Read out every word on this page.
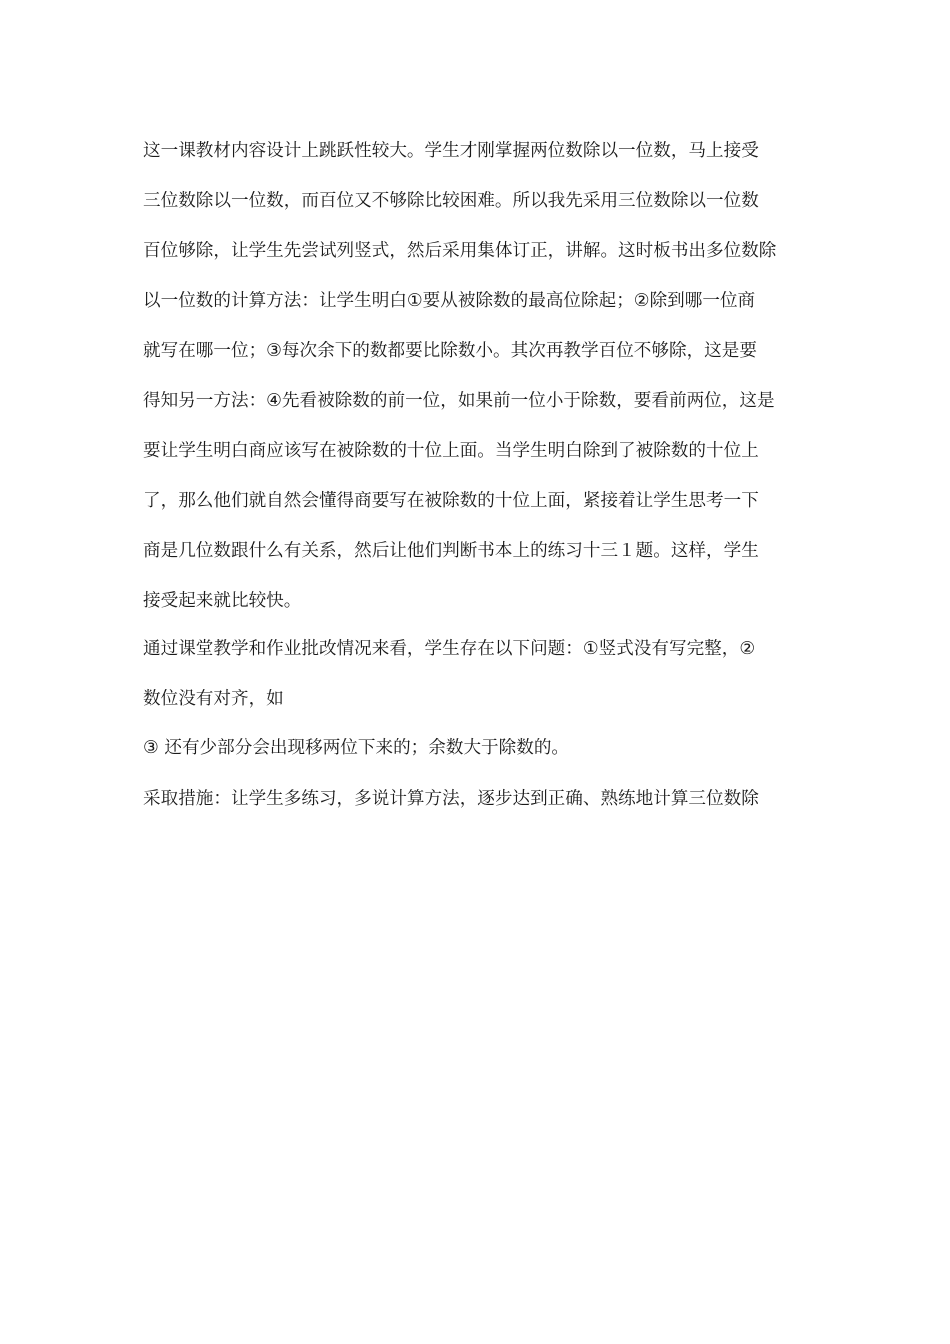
这一课教材内容设计上跳跃性较大。学生才刚掌握两位数除以一位数，马上接受
三位数除以一位数，而百位又不够除比较困难。所以我先采用三位数除以一位数
百位够除，让学生先尝试列竖式，然后采用集体订正，讲解。这时板书出多位数除
以一位数的计算方法：让学生明白①要从被除数的最高位除起；②除到哪一位商
就写在哪一位；③每次余下的数都要比除数小。其次再教学百位不够除，这是要
得知另一方法：④先看被除数的前一位，如果前一位小于除数，要看前两位，这是
要让学生明白商应该写在被除数的十位上面。当学生明白除到了被除数的十位上
了，那么他们就自然会懂得商要写在被除数的十位上面，紧接着让学生思考一下
商是几位数跟什么有关系，然后让他们判断书本上的练习十三１题。这样，学生
接受起来就比较快。
通过课堂教学和作业批改情况来看，学生存在以下问题：①竖式没有写完整，②
数位没有对齐，如
③ 还有少部分会出现移两位下来的；余数大于除数的。
采取措施：让学生多练习，多说计算方法，逐步达到正确、熟练地计算三位数除
